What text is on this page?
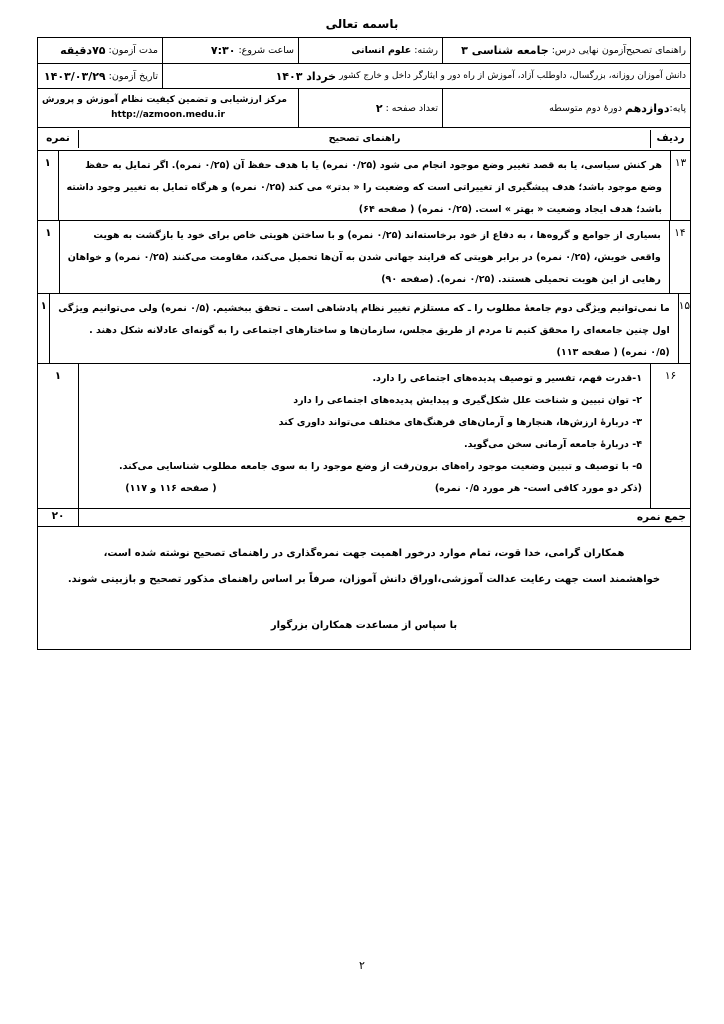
باسمه تعالی
راهنمای تصحیح‌آزمون نهایی درس:

جامعه شناسی ۳
رشته:

علوم انسانی
ساعت شروع:

۷:۳۰
مدت آزمون:

۷۵دقیقه
دانش آموزان روزانه، بزرگسال، داوطلب آزاد، آموزش از راه دور و ایثارگر داخل و خارج کشور

خرداد ۱۴۰۳
تاریخ آزمون:

۱۴۰۳/۰۳/۲۹
پایه:
دوازدهم

دورهٔ دوم متوسطه
تعداد صفحه :

۲
مرکز ارزشیابی و تضمین کیفیت نظام آموزش و پرورش
http://azmoon.medu.ir
ردیف
راهنمای تصحیح
نمره
۱۳
هر کنش سیاسی، یا به قصد تغییر وضع موجود انجام می شود (۰/۲۵ نمره) یا با هدف حفظ آن (۰/۲۵ نمره). اگر تمایل به حفظ
وضع موجود باشد؛ هدف پیشگیری از تغییراتی است که وضعیت را « بدتر» می کند (۰/۲۵ نمره) و هرگاه تمایل به تغییر وجود داشته
باشد؛ هدف ایجاد وضعیت « بهتر » است. (۰/۲۵ نمره) ( صفحه ۶۴)
۱
۱۴
بسیاری از جوامع و گروه‌ها ، به دفاع از خود برخاسته‌اند (۰/۲۵ نمره) و با ساختن هویتی خاص برای خود یا بازگشت به هویت
واقعی خویش، (۰/۲۵ نمره) در برابر هویتی که فرایند جهانی شدن به آن‌ها تحمیل می‌کند، مقاومت می‌کنند (۰/۲۵ نمره) و خواهان
رهایی از این هویت تحمیلی هستند. (۰/۲۵ نمره). (صفحه ۹۰)
۱
۱۵
ما نمی‌توانیم ویژگی دوم جامعهٔ مطلوب را ـ که مستلزم تغییر نظام پادشاهی است ـ تحقق ببخشیم. (۰/۵ نمره) ولی می‌توانیم ویژگی
اول چنین جامعه‌ای را محقق کنیم تا مردم از طریق مجلس، سازمان‌ها و ساختارهای اجتماعی را به گونه‌ای عادلانه شکل دهند .
(۰/۵ نمره) ( صفحه ۱۱۳)
۱
۱۶
۱-قدرت فهم، تفسیر و توصیف پدیده‌های اجتماعی را دارد.
۲- توان تبیین و شناخت علل شکل‌گیری و پیدایش پدیده‌های اجتماعی را دارد
۳- دربارهٔ ارزش‌ها، هنجارها و آرمان‌های فرهنگ‌های مختلف می‌تواند داوری کند
۴- دربارهٔ جامعه آرمانی سخن می‌گوید.
۵- با توصیف و تبیین وضعیت موجود راه‌های برون‌رفت از وضع موجود را به سوی جامعه مطلوب شناسایی می‌کند.
(ذکر دو مورد کافی است- هر مورد ۰/۵ نمره)                                                                  ( صفحه ۱۱۶ و ۱۱۷)
۱
جمع نمره
۲۰
همکاران گرامی، خدا قوت، تمام موارد درخور اهمیت جهت نمره‌گذاری در راهنمای تصحیح نوشته شده است،
خواهشمند است جهت رعایت عدالت آموزشی،اوراق دانش آموزان، صرفاً بر اساس راهنمای مذکور تصحیح و بازبینی شوند.
با سپاس از مساعدت همکاران بزرگوار
۲
